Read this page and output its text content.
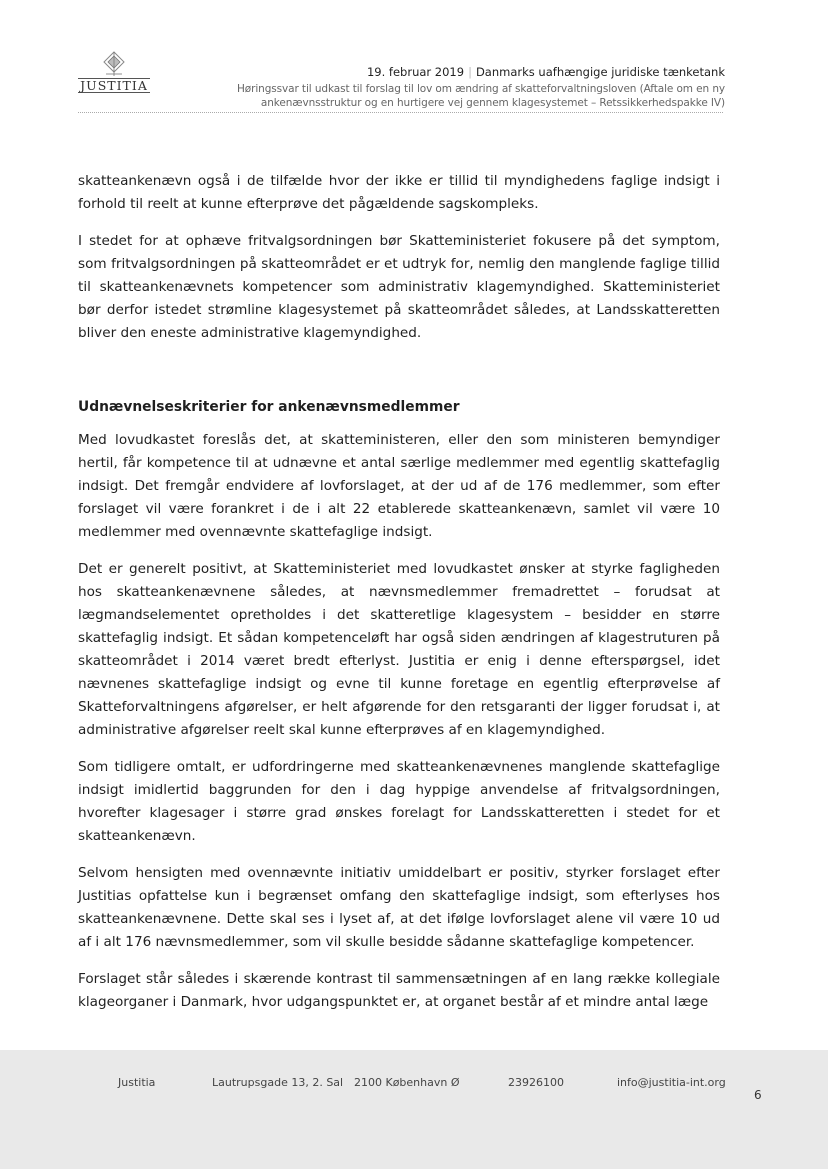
JUSTITIA
19. februar 2019 | Danmarks uafhængige juridiske tænketank
Høringssvar til udkast til forslag til lov om ændring af skatteforvaltningsloven (Aftale om en ny
ankenævnsstruktur og en hurtigere vej gennem klagesystemet – Retssikkerhedspakke IV)

skatteankenævn også i de tilfælde hvor der ikke er tillid til myndighedens faglige indsigt i forhold til reelt at kunne efterprøve det pågældende sagskompleks.

I stedet for at ophæve fritvalgsordningen bør Skatteministeriet fokusere på det symptom, som fritvalgsordningen på skatteområdet er et udtryk for, nemlig den manglende faglige tillid til skatteankenævnets kompetencer som administrativ klagemyndighed. Skatteministeriet bør derfor istedet strømline klagesystemet på skatteområdet således, at Landsskatteretten bliver den eneste administrative klagemyndighed.

Udnævnelseskriterier for ankenævnsmedlemmer

Med lovudkastet foreslås det, at skatteministeren, eller den som ministeren bemyndiger hertil, får kompetence til at udnævne et antal særlige medlemmer med egentlig skattefaglig indsigt. Det fremgår endvidere af lovforslaget, at der ud af de 176 medlemmer, som efter forslaget vil være forankret i de i alt 22 etablerede skatteankenævn, samlet vil være 10 medlemmer med ovennævnte skattefaglige indsigt.

Det er generelt positivt, at Skatteministeriet med lovudkastet ønsker at styrke fagligheden hos skatteankenævnene således, at nævnsmedlemmer fremadrettet – forudsat at lægmandselementet opretholdes i det skatteretlige klagesystem – besidder en større skattefaglig indsigt. Et sådan kompetenceløft har også siden ændringen af klagestruturen på skatteområdet i 2014 været bredt efterlyst. Justitia er enig i denne efterspørgsel, idet nævnenes skattefaglige indsigt og evne til kunne foretage en egentlig efterprøvelse af Skatteforvaltningens afgørelser, er helt afgørende for den retsgaranti der ligger forudsat i, at administrative afgørelser reelt skal kunne efterprøves af en klagemyndighed.

Som tidligere omtalt, er udfordringerne med skatteankenævnenes manglende skattefaglige indsigt imidlertid baggrunden for den i dag hyppige anvendelse af fritvalgsordningen, hvorefter klagesager i større grad ønskes forelagt for Landsskatteretten i stedet for et skatteankenævn.

Selvom hensigten med ovennævnte initiativ umiddelbart er positiv, styrker forslaget efter Justitias opfattelse kun i begrænset omfang den skattefaglige indsigt, som efterlyses hos skatteankenævnene. Dette skal ses i lyset af, at det ifølge lovforslaget alene vil være 10 ud af i alt 176 nævnsmedlemmer, som vil skulle besidde sådanne skattefaglige kompetencer.

Forslaget står således i skærende kontrast til sammensætningen af en lang række kollegiale klageorganer i Danmark, hvor udgangspunktet er, at organet består af et mindre antal læge

Justitia	Lautrupsgade 13, 2. Sal 2100 København Ø	23926100	info@justitia-int.org
6
